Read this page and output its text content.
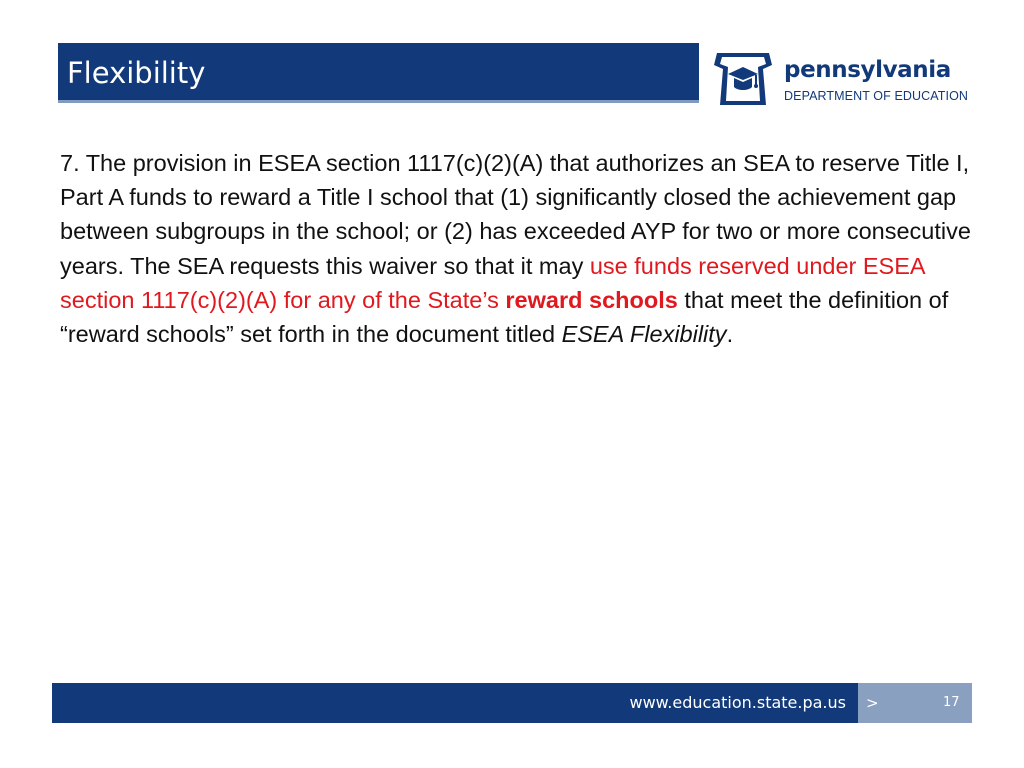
Flexibility	pennsylvania
DEPARTMENT OF EDUCATION

7. The provision in ESEA section 1117(c)(2)(A) that authorizes an SEA to reserve Title I, Part A funds to reward a Title I school that (1) significantly closed the achievement gap between subgroups in the school; or (2) has exceeded AYP for two or more consecutive years. The SEA requests this waiver so that it may use funds reserved under ESEA section 1117(c)(2)(A) for any of the State’s reward schools that meet the definition of “reward schools” set forth in the document titled ESEA Flexibility.

www.education.state.pa.us >	17
